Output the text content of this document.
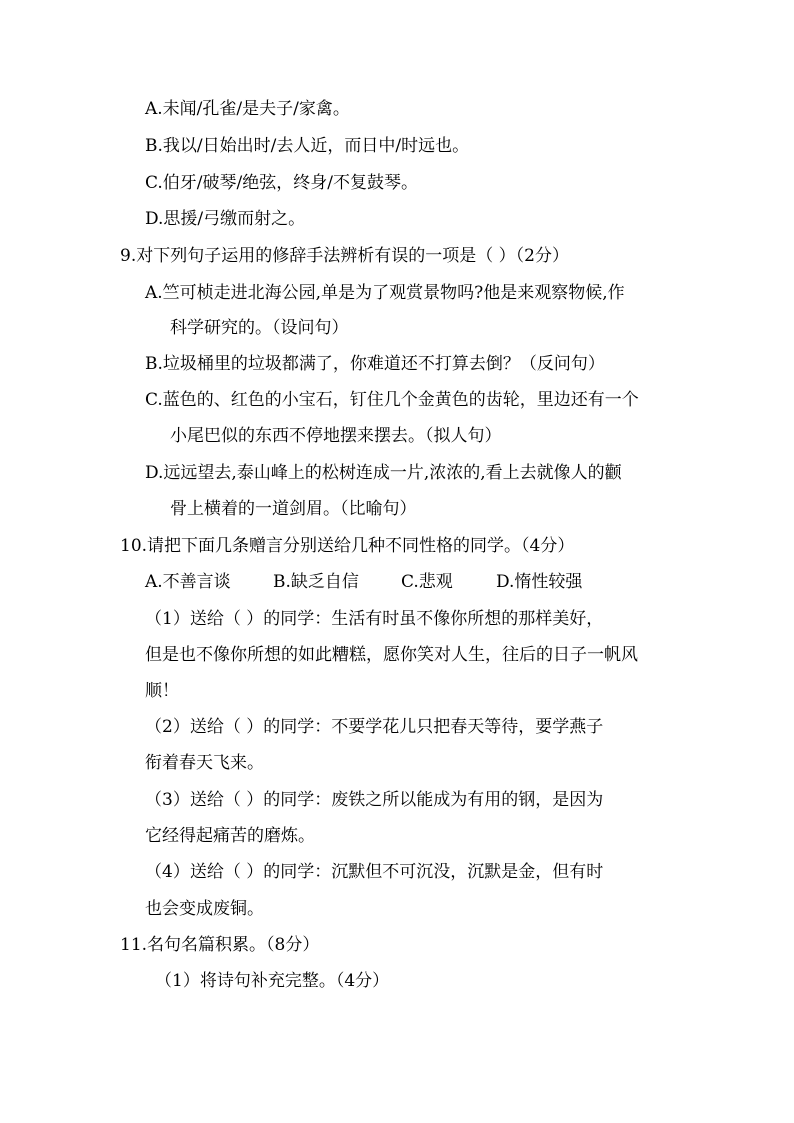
A.未闻/孔雀/是夫子/家禽。
B.我以/日始出时/去人近，而日中/时远也。
C.伯牙/破琴/绝弦，终身/不复鼓琴。
D.思援/弓缴而射之。
9.对下列句子运用的修辞手法辨析有误的一项是（ ）（2分）
A.竺可桢走进北海公园,单是为了观赏景物吗?他是来观察物候,作
科学研究的。（设问句）
B.垃圾桶里的垃圾都满了，你难道还不打算去倒？（反问句）
C.蓝色的、红色的小宝石，钉住几个金黄色的齿轮，里边还有一个
小尾巴似的东西不停地摆来摆去。（拟人句）
D.远远望去,泰山峰上的松树连成一片,浓浓的,看上去就像人的颧
骨上横着的一道剑眉。（比喻句）
10.请把下面几条赠言分别送给几种不同性格的同学。（4分）
A.不善言谈 B.缺乏自信 C.悲观	D.惰性较强
（1）送给（ ）的同学：生活有时虽不像你所想的那样美好，
但是也不像你所想的如此糟糕，愿你笑对人生，往后的日子一帆风
顺！
（2）送给（ ）的同学：不要学花儿只把春天等待，要学燕子
衔着春天飞来。
（3）送给（ ）的同学：废铁之所以能成为有用的钢，是因为
它经得起痛苦的磨炼。
（4）送给（ ）的同学：沉默但不可沉没，沉默是金，但有时
也会变成废铜。
11.名句名篇积累。（8分）
（1）将诗句补充完整。（4分）
